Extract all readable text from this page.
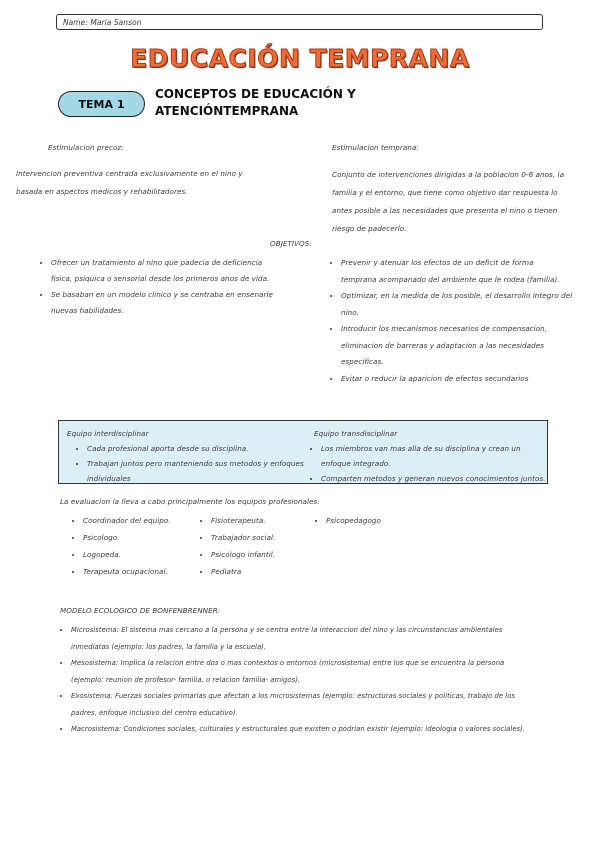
Name: Maria Sanson
EDUCACIÓN TEMPRANA
TEMA 1
CONCEPTOS DE EDUCACIÓN Y
ATENCIÓNTEMPRANA
Estimulacion precoz:
Intervencion preventiva centrada exclusivamente en el nino y
basada en aspectos medicos y rehabilitadores.
Estimulacion temprana:
Conjunto de intervenciones dirigidas a la poblacion 0-6 anos, la
familia y el entorno, que tiene como objetivo dar respuesta lo
antes posible a las necesidades que presenta el nino o tienen
riesgo de padecerlo.
OBJETIVOS:
• Ofrecer un tratamiento al nino que padecia de deficiencia
fisica, psiquica o sensorial desde los primeros anos de vida.
• Se basaban en un modelo clinico y se centraba en ensenarle
nuevas habilidades.
• Prevenir y atenuar los efectos de un deficit de forma
temprana acompanado del ambiente que le rodea (familia).
• Optimizar, en la medida de los posible, el desarrollo integro del
nino.
• Introducir los mecanismos necesarios de compensacion,
eliminacion de barreras y adaptacion a las necesidades
especificas.
• Evitar o reducir la aparicion de efectos secundarios
Equipo interdisciplinar
• Cada profesional aporta desde su disciplina.
• Trabajan juntos pero manteniendo sus metodos y enfoques
individuales
Equipo transdisciplinar
• Los miembros van mas alla de su disciplina y crean un
enfoque integrado.
• Comparten metodos y generan nuevos conocimientos juntos.
La evaluacion la lleva a cabo principalmente los equipos profesionales:
• Coordinador del equipo.
• Psicologo.
• Logopeda.
• Terapeuta ocupacional.
• Fisioterapeuta.
• Trabajador social.
• Psicologo infantil.
• Pediatra
• Psicopedagogo
MODELO ECOLOGICO DE BONFENBRENNER:
• Microsistema: El sistema mas cercano a la persona y se centra entre la interaccion del nino y las circunstancias ambientales
inmediatas (ejemplo: los padres, la familia y la escuela).
• Mesosistema: Implica la relacion entre dos o mas contextos o entornos (microsistema) entre los que se encuentra la persona
(ejemplo: reunion de profesor- familia, o relacion familia- amigos).
• Exosistema: Fuerzas sociales primarias que afectan a los microsistemas (ejemplo: estructuras sociales y politicas, trabajo de los
padres, enfoque inclusivo del centro educativo).
• Macrosistema: Condiciones sociales, culturales y estructurales que existen o podrian existir (ejemplo: ideologia o valores sociales).
